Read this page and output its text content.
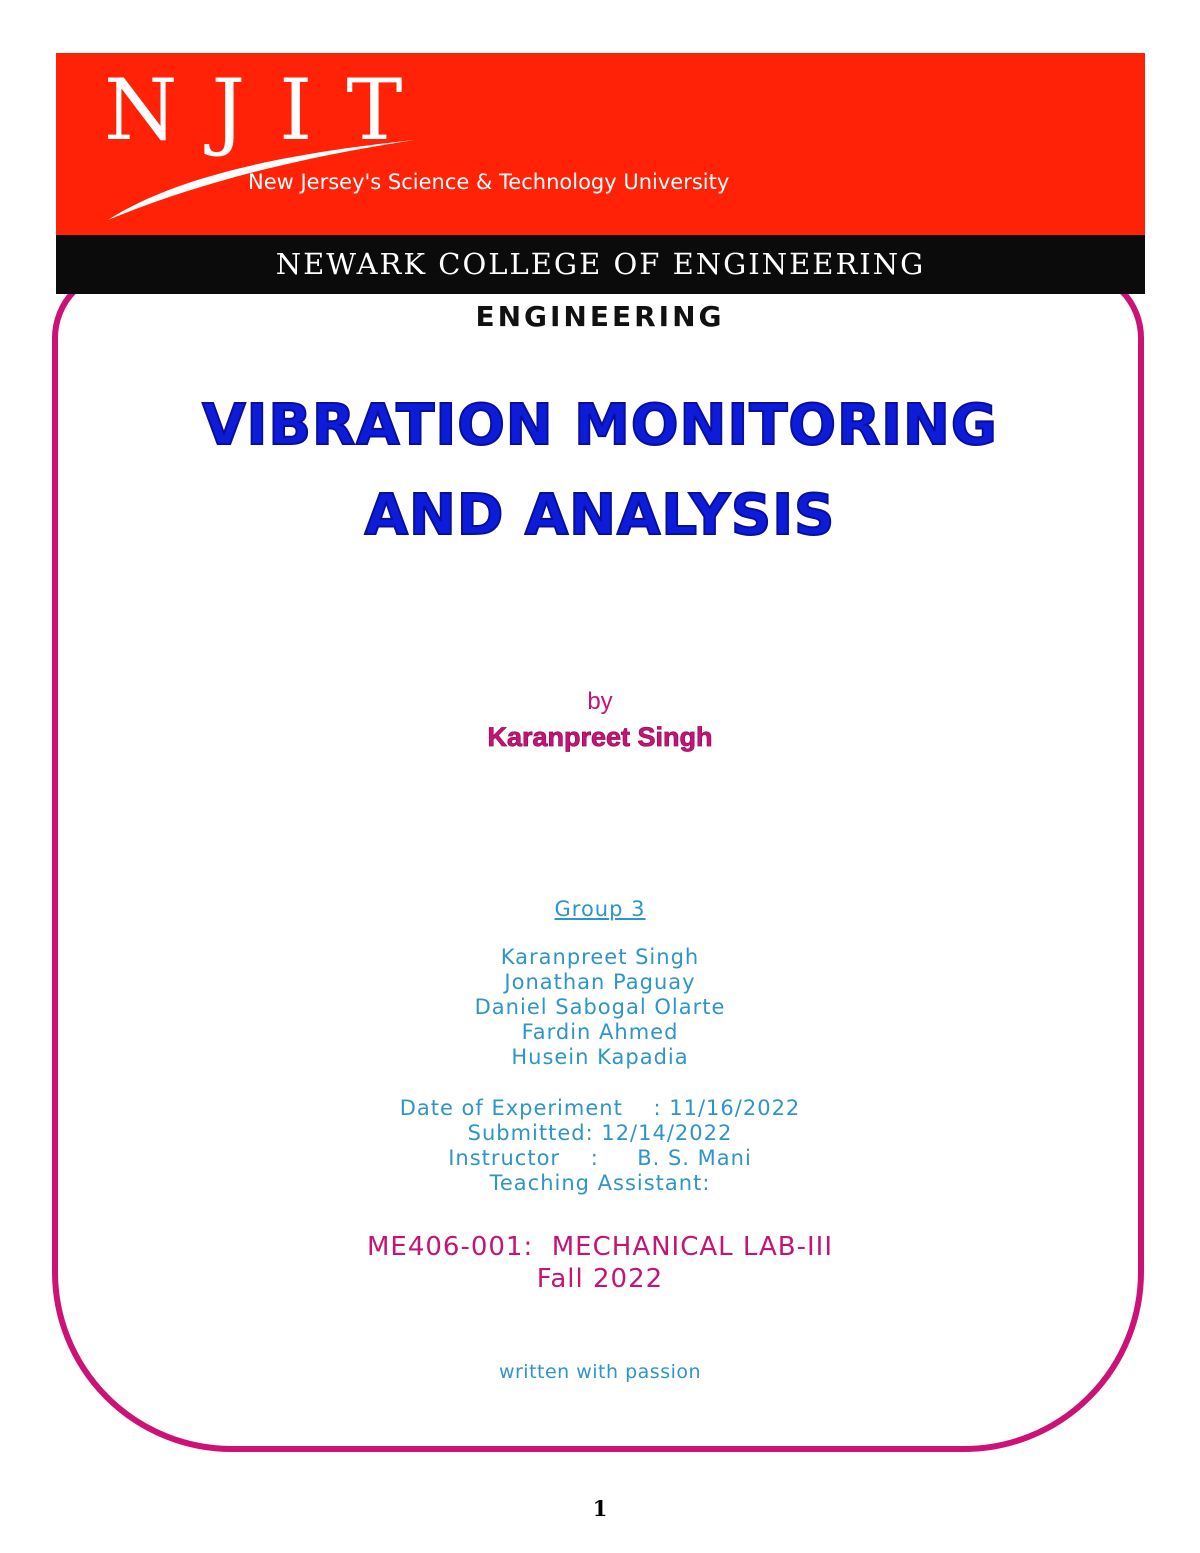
NJIT
New Jersey's Science & Technology University
NEWARK COLLEGE OF ENGINEERING
ENGINEERING
VIBRATION MONITORING
AND ANALYSIS
by
Karanpreet Singh
Group 3
Karanpreet Singh
Jonathan Paguay
Daniel Sabogal Olarte
Fardin Ahmed
Husein Kapadia
Date of Experiment    : 11/16/2022
Submitted: 12/14/2022
Instructor    :     B. S. Mani
Teaching Assistant:
ME406-001:  MECHANICAL LAB-III
Fall 2022
written with passion
1
